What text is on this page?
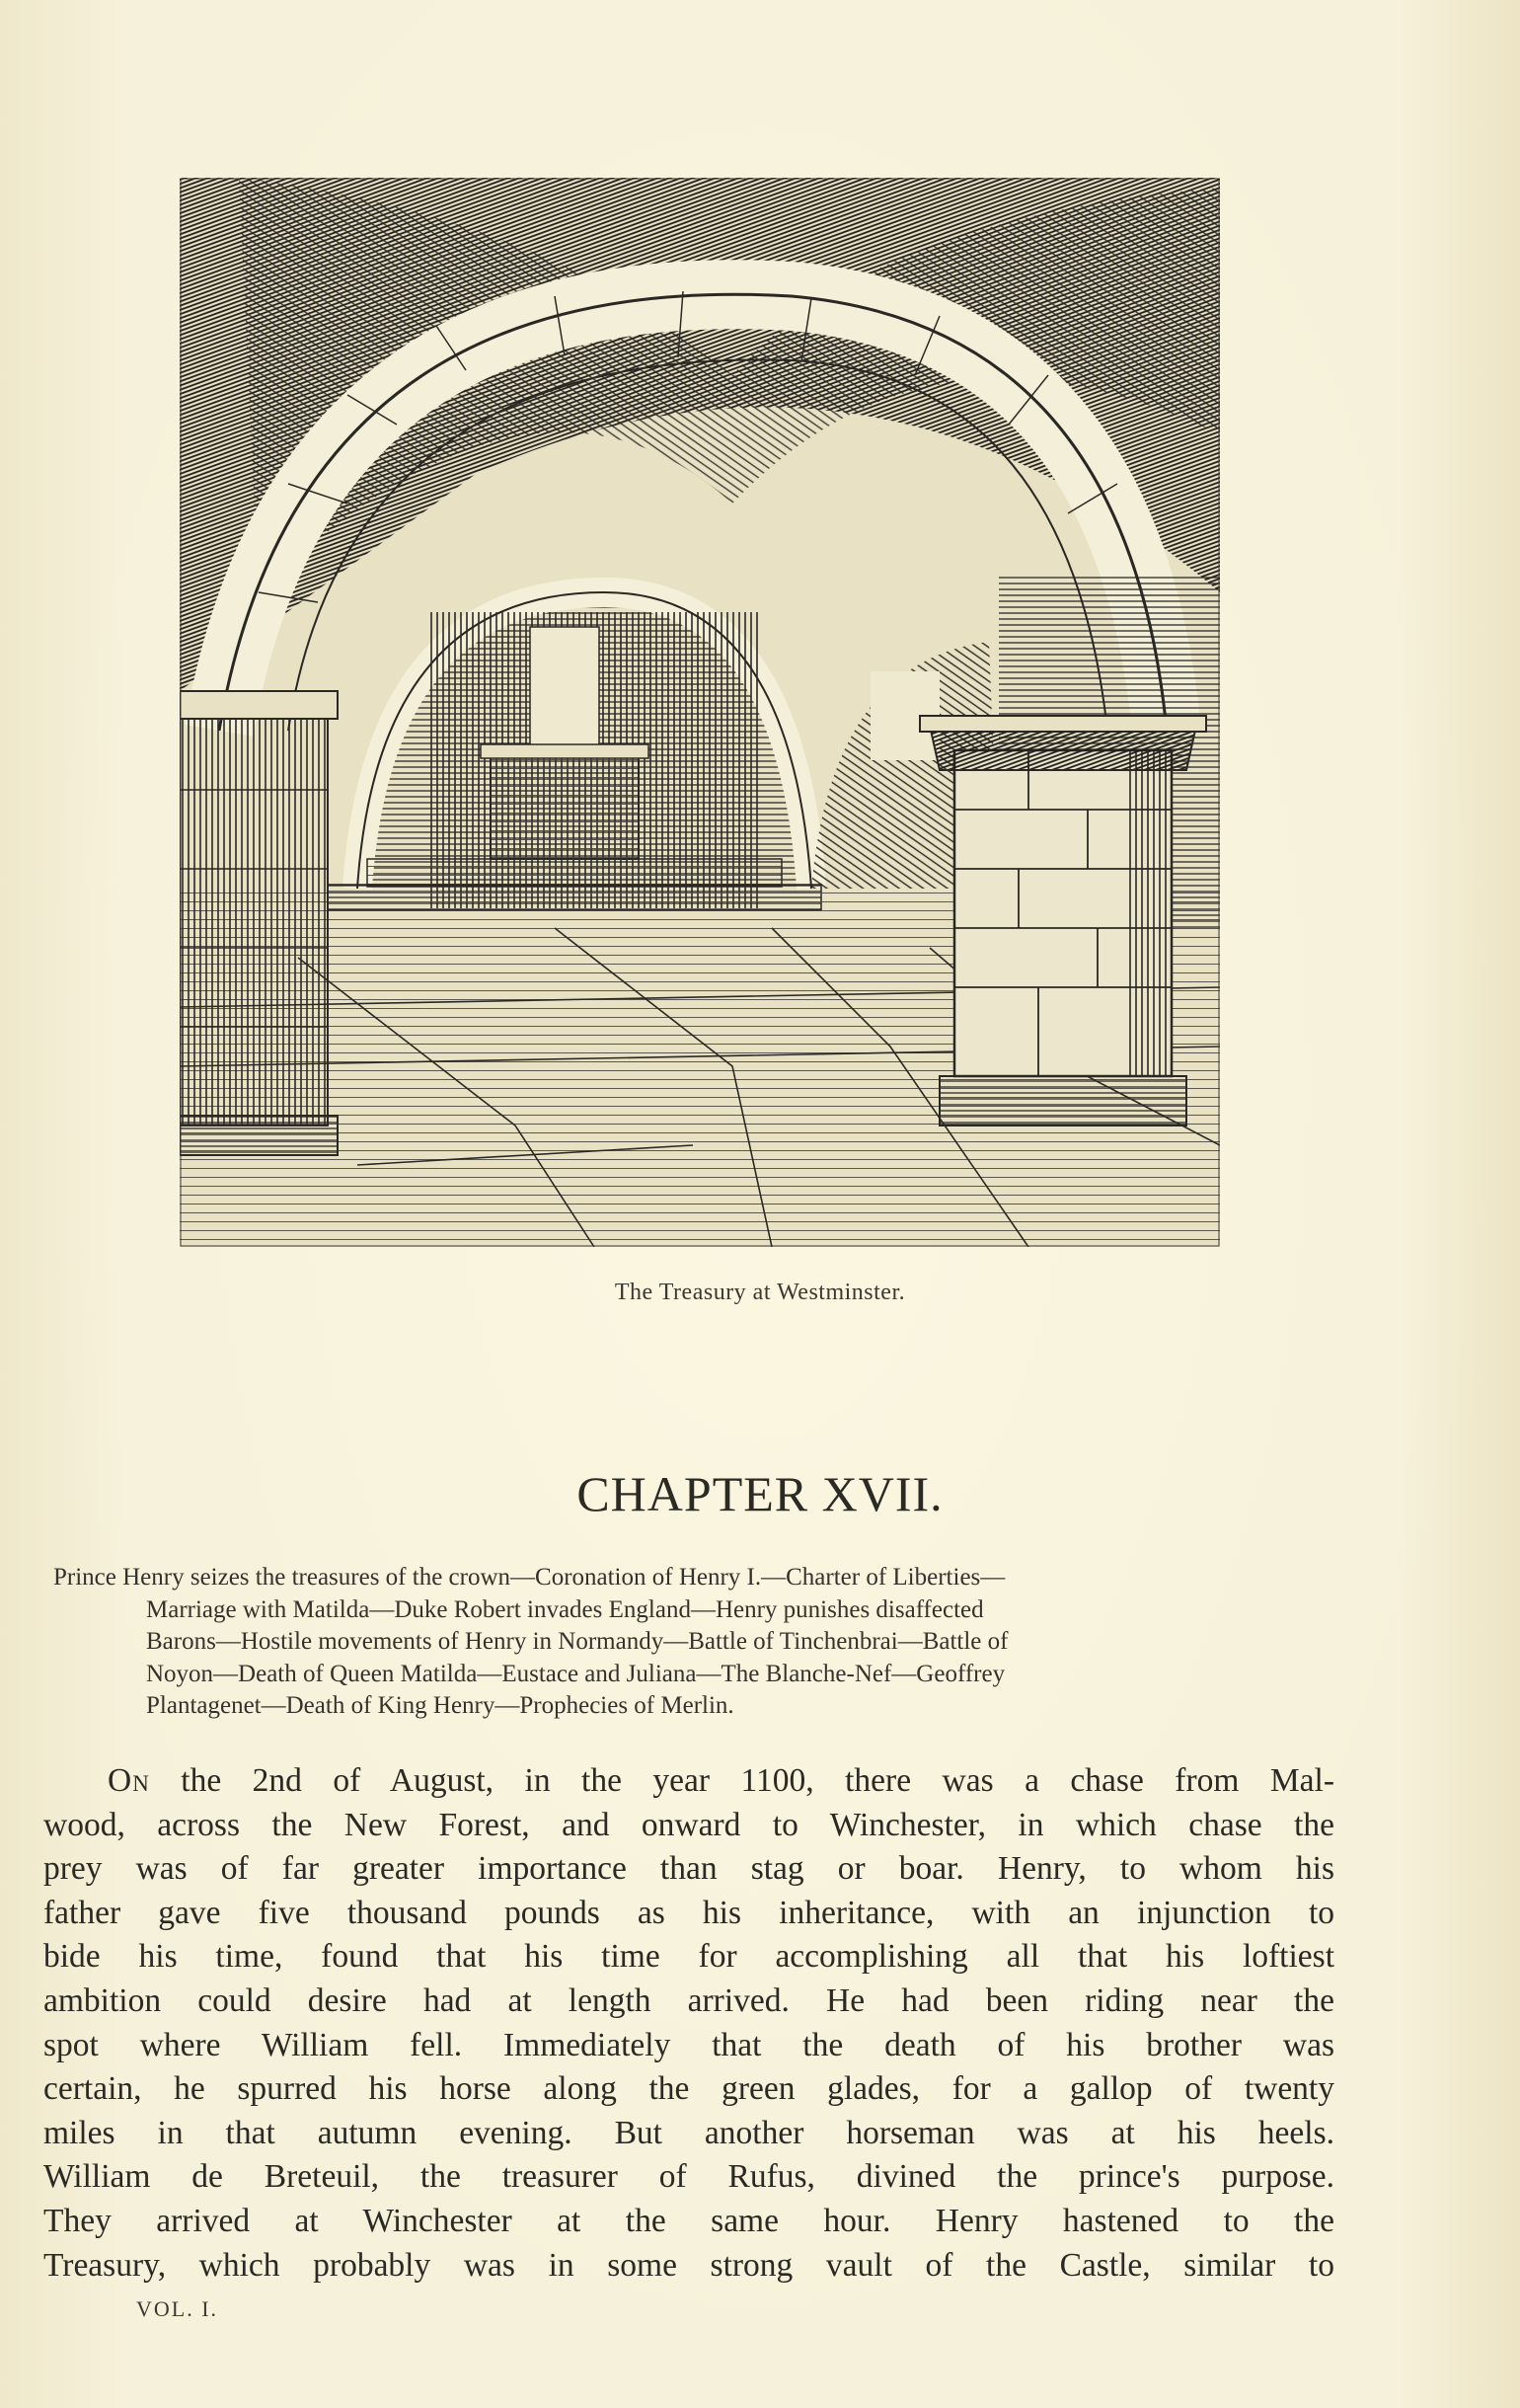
The Treasury at Westminster.
CHAPTER XVII.

Prince Henry seizes the treasures of the crown—Coronation of Henry I.—Charter of Liberties—

Marriage with Matilda—Duke Robert invades England—Henry punishes disaffected

Barons—Hostile movements of Henry in Normandy—Battle of Tinchenbrai—Battle of

Noyon—Death of Queen Matilda—Eustace and Juliana—The Blanche-Nef—Geoffrey

Plantagenet—Death of King Henry—Prophecies of Merlin.

On the 2nd of August, in the year 1100, there was a chase from Mal-
wood, across the New Forest, and onward to Winchester, in which chase the
prey was of far greater importance than stag or boar. Henry, to whom his
father gave five thousand pounds as his inheritance, with an injunction to
bide his time, found that his time for accomplishing all that his loftiest
ambition could desire had at length arrived. He had been riding near the
spot where William fell. Immediately that the death of his brother was
certain, he spurred his horse along the green glades, for a gallop of twenty
miles in that autumn evening. But another horseman was at his heels.
William de Breteuil, the treasurer of Rufus, divined the prince's purpose.
They arrived at Winchester at the same hour. Henry hastened to the
Treasury, which probably was in some strong vault of the Castle, similar to
VOL. I.
